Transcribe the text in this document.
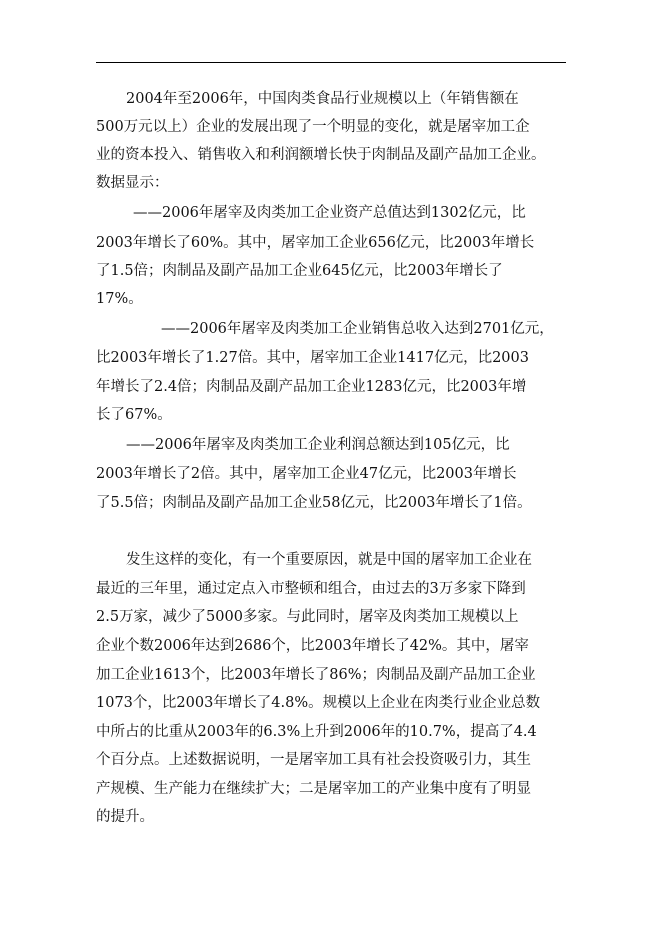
2004年至2006年，中国肉类食品行业规模以上（年销售额在
500万元以上）企业的发展出现了一个明显的变化，就是屠宰加工企
业的资本投入、销售收入和利润额增长快于肉制品及副产品加工企业。
数据显示：
——2006年屠宰及肉类加工企业资产总值达到1302亿元，比
2003年增长了60%。其中，屠宰加工企业656亿元，比2003年增长
了1.5倍；肉制品及副产品加工企业645亿元，比2003年增长了
17%。
——2006年屠宰及肉类加工企业销售总收入达到2701亿元，
比2003年增长了1.27倍。其中，屠宰加工企业1417亿元，比2003
年增长了2.4倍；肉制品及副产品加工企业1283亿元，比2003年增
长了67%。
——2006年屠宰及肉类加工企业利润总额达到105亿元，比
2003年增长了2倍。其中，屠宰加工企业47亿元，比2003年增长
了5.5倍；肉制品及副产品加工企业58亿元，比2003年增长了1倍。
发生这样的变化，有一个重要原因，就是中国的屠宰加工企业在
最近的三年里，通过定点入市整顿和组合，由过去的3万多家下降到
2.5万家，减少了5000多家。与此同时，屠宰及肉类加工规模以上
企业个数2006年达到2686个，比2003年增长了42%。其中，屠宰
加工企业1613个，比2003年增长了86%；肉制品及副产品加工企业
1073个，比2003年增长了4.8%。规模以上企业在肉类行业企业总数
中所占的比重从2003年的6.3%上升到2006年的10.7%，提高了4.4
个百分点。上述数据说明，一是屠宰加工具有社会投资吸引力，其生
产规模、生产能力在继续扩大；二是屠宰加工的产业集中度有了明显
的提升。
